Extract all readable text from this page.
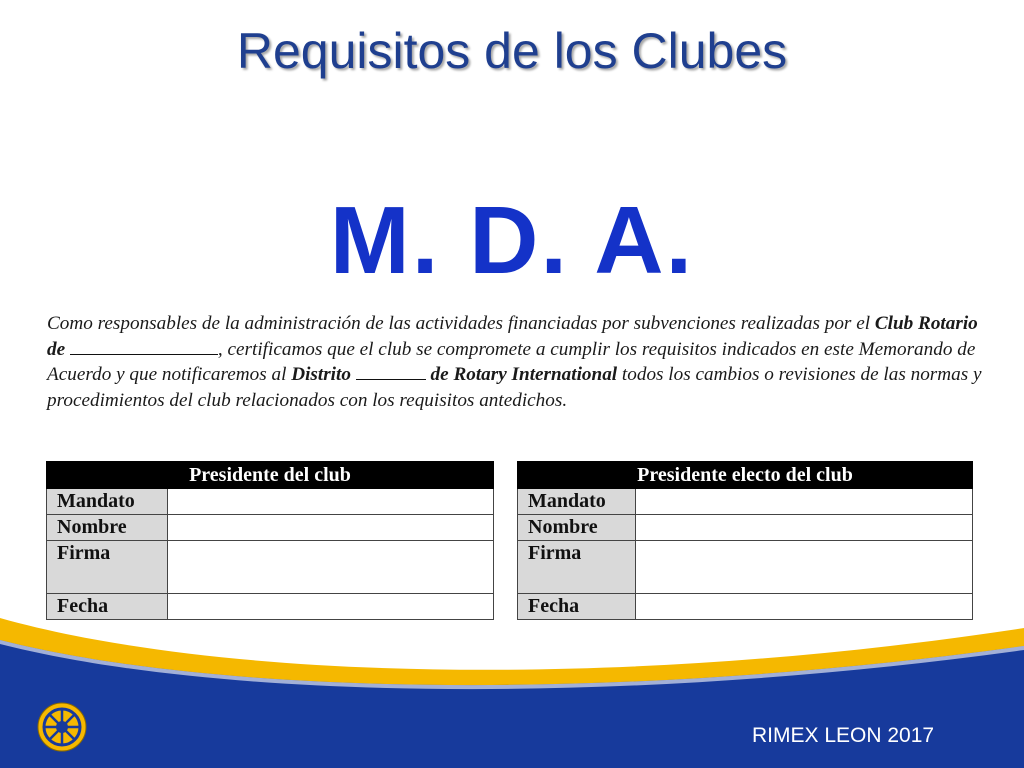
Requisitos de los Clubes
M. D. A.
Como responsables de la administración de las actividades financiadas por subvenciones realizadas por el Club Rotario de	, certificamos que el club se compromete a cumplir los requisitos indicados en este Memorando de Acuerdo y que notificaremos al Distrito	de Rotary International todos los cambios o revisiones de las normas y procedimientos del club relacionados con los requisitos antedichos.
Presidente del club	
Mandato	
Nombre	
Firma	
Fecha	
Presidente electo del club	
Mandato	
Nombre	
Firma	
Fecha	
RIMEX LEON 2017
